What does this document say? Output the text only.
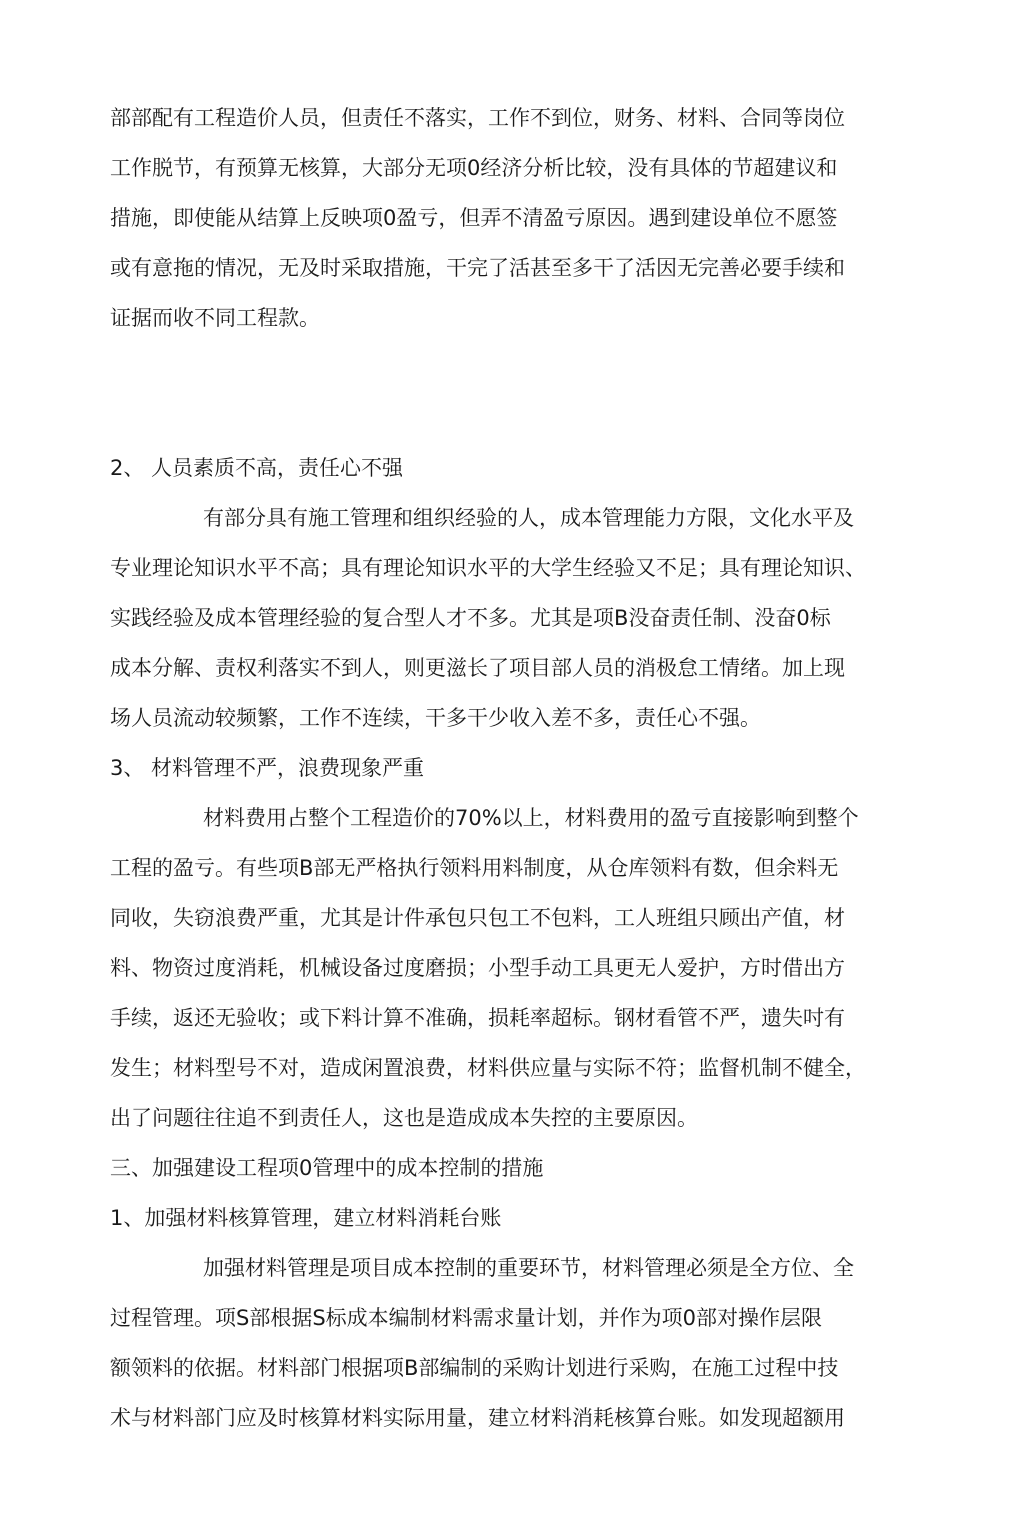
部部配有工程造价人员，但责任不落实，工作不到位，财务、材料、合同等岗位
工作脱节，有预算无核算，大部分无项0经济分析比较，没有具体的节超建议和
措施，即使能从结算上反映项0盈亏，但弄不清盈亏原因。遇到建设单位不愿签
或有意拖的情况，无及时采取措施，干完了活甚至多干了活因无完善必要手续和
证据而收不同工程款。
2、 人员素质不高，责任心不强
有部分具有施工管理和组织经验的人，成本管理能力方限，文化水平及
专业理论知识水平不高；具有理论知识水平的大学生经验又不足；具有理论知识、
实践经验及成本管理经验的复合型人才不多。尤其是项B没奋责任制、没奋0标
成本分解、责权利落实不到人，则更滋长了项目部人员的消极怠工情绪。加上现
场人员流动较频繁，工作不连续，干多干少收入差不多，责任心不强。
3、 材料管理不严，浪费现象严重
材料费用占整个工程造价的70%以上，材料费用的盈亏直接影响到整个
工程的盈亏。有些项B部无严格执行领料用料制度，从仓库领料有数，但余料无
同收，失窃浪费严重，尤其是计件承包只包工不包料，工人班组只顾出产值，材
料、物资过度消耗，机械设备过度磨损；小型手动工具更无人爱护，方时借出方
手续，返还无验收；或下料计算不准确，损耗率超标。钢材看管不严，遗失吋有
发生；材料型号不对，造成闲置浪费，材料供应量与实际不符；监督机制不健全，
出了问题往往追不到责任人，这也是造成成本失控的主要原因。
三、加强建设工程项0管理中的成本控制的措施
1、加强材料核算管理，建立材料消耗台账
加强材料管理是项目成本控制的重要环节，材料管理必须是全方位、全
过程管理。项S部根据S标成本编制材料需求量计划，并作为项0部对操作层限
额领料的依据。材料部门根据项B部编制的采购计划进行采购，在施工过程中技
术与材料部门应及时核算材料实际用量，建立材料消耗核算台账。如发现超额用
